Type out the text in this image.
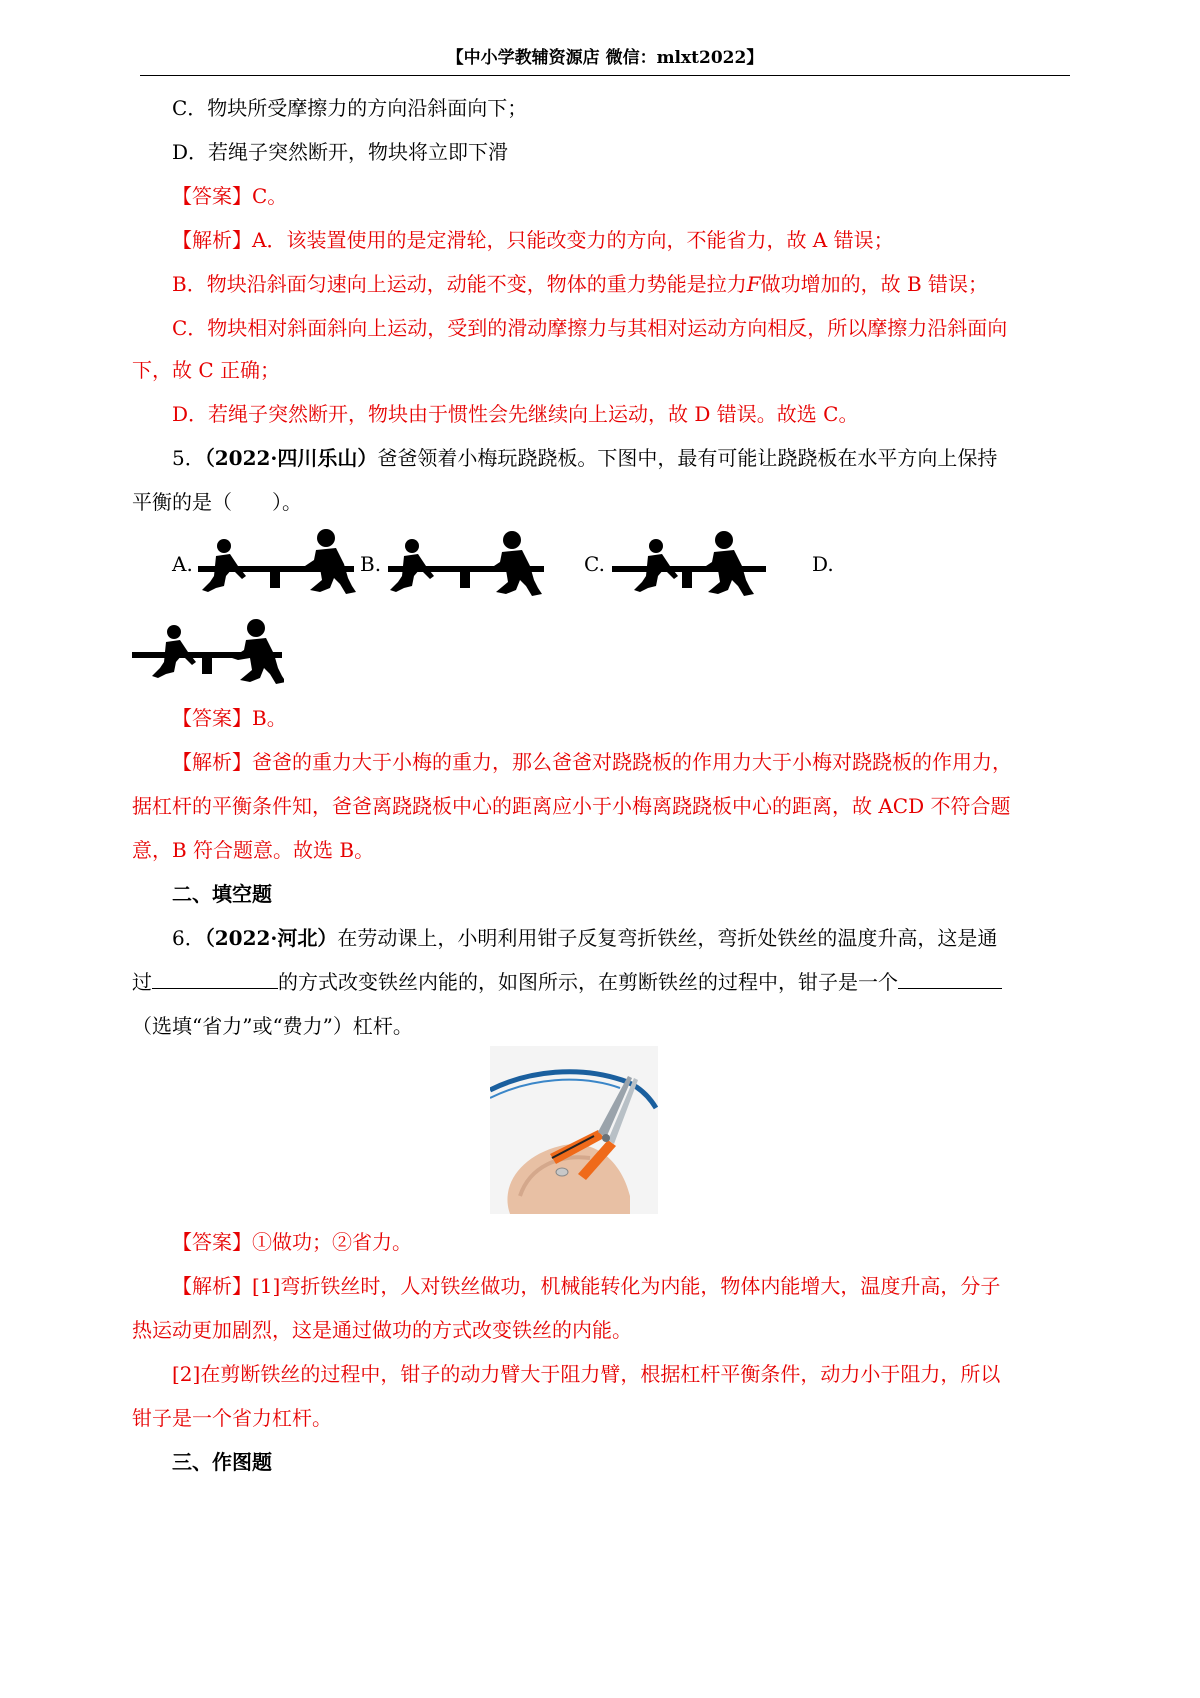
【中小学教辅资源店 微信：mlxt2022】
C．物块所受摩擦力的方向沿斜面向下；
D．若绳子突然断开，物块将立即下滑
【答案】C。
【解析】A．该装置使用的是定滑轮，只能改变力的方向，不能省力，故 A 错误；
B．物块沿斜面匀速向上运动，动能不变，物体的重力势能是拉力F做功增加的，故 B 错误；
C．物块相对斜面斜向上运动，受到的滑动摩擦力与其相对运动方向相反，所以摩擦力沿斜面向
下，故 C 正确；
D．若绳子突然断开，物块由于惯性会先继续向上运动，故 D 错误。故选 C。
5．（2022·四川乐山）爸爸领着小梅玩跷跷板。下图中，最有可能让跷跷板在水平方向上保持
平衡的是（　　）。
A.	B.	C.	D.
【答案】B。
【解析】爸爸的重力大于小梅的重力，那么爸爸对跷跷板的作用力大于小梅对跷跷板的作用力，
据杠杆的平衡条件知，爸爸离跷跷板中心的距离应小于小梅离跷跷板中心的距离，故 ACD 不符合题
意，B 符合题意。故选 B。
二、填空题
6．（2022·河北）在劳动课上，小明利用钳子反复弯折铁丝，弯折处铁丝的温度升高，这是通
过	的方式改变铁丝内能的，如图所示，在剪断铁丝的过程中，钳子是一个
（选填“省力”或“费力”）杠杆。
【答案】①做功；②省力。
【解析】[1]弯折铁丝时，人对铁丝做功，机械能转化为内能，物体内能增大，温度升高，分子
热运动更加剧烈，这是通过做功的方式改变铁丝的内能。
[2]在剪断铁丝的过程中，钳子的动力臂大于阻力臂，根据杠杆平衡条件，动力小于阻力，所以
钳子是一个省力杠杆。
三、作图题
